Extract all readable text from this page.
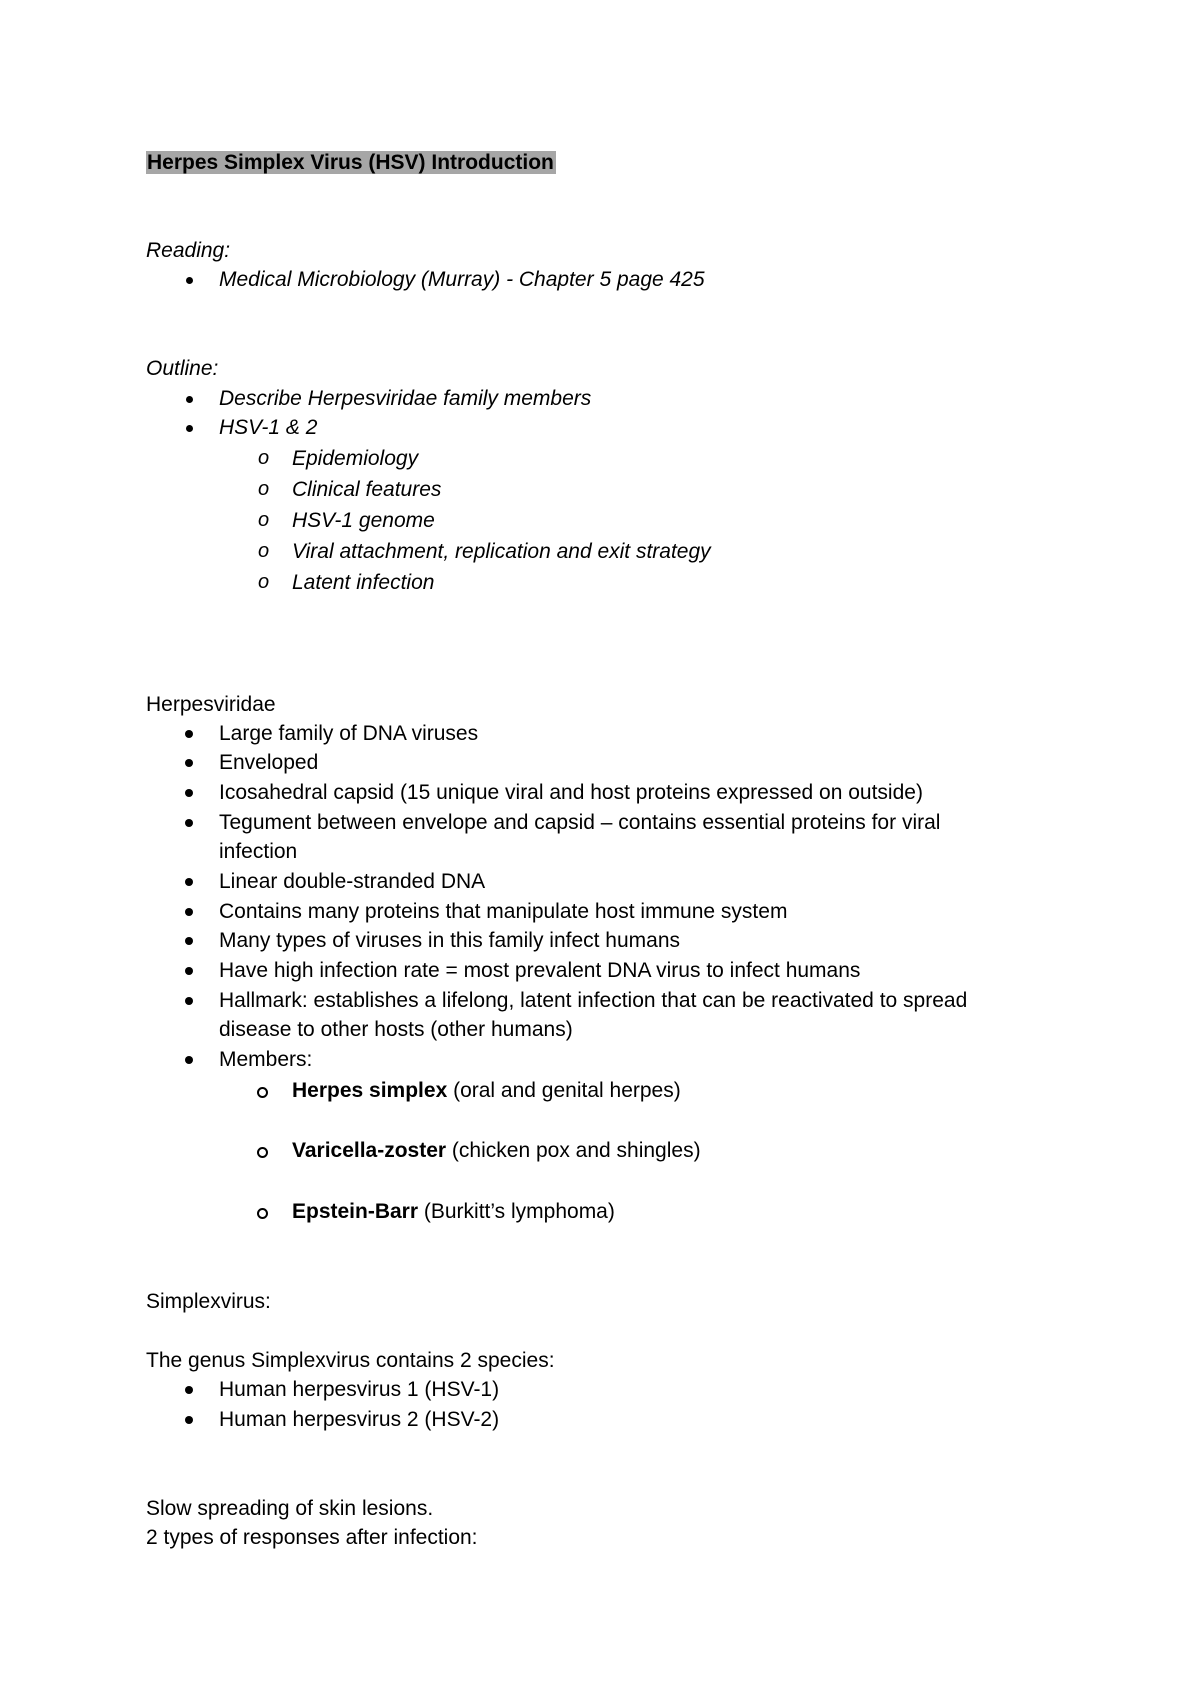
Herpes Simplex Virus (HSV) Introduction
Reading:
Medical Microbiology (Murray) - Chapter 5 page 425
Outline:
Describe Herpesviridae family members
HSV-1 & 2
o Epidemiology
o Clinical features
o HSV-1 genome
o Viral attachment, replication and exit strategy
o Latent infection
Herpesviridae
Large family of DNA viruses
Enveloped
Icosahedral capsid (15 unique viral and host proteins expressed on outside)
Tegument between envelope and capsid – contains essential proteins for viral
infection
Linear double-stranded DNA
Contains many proteins that manipulate host immune system
Many types of viruses in this family infect humans
Have high infection rate = most prevalent DNA virus to infect humans
Hallmark: establishes a lifelong, latent infection that can be reactivated to spread
disease to other hosts (other humans)
Members:
Herpes simplex (oral and genital herpes)
Varicella-zoster (chicken pox and shingles)
Epstein-Barr (Burkitt’s lymphoma)
Simplexvirus:
The genus Simplexvirus contains 2 species:
Human herpesvirus 1 (HSV-1)
Human herpesvirus 2 (HSV-2)
Slow spreading of skin lesions.
2 types of responses after infection:
